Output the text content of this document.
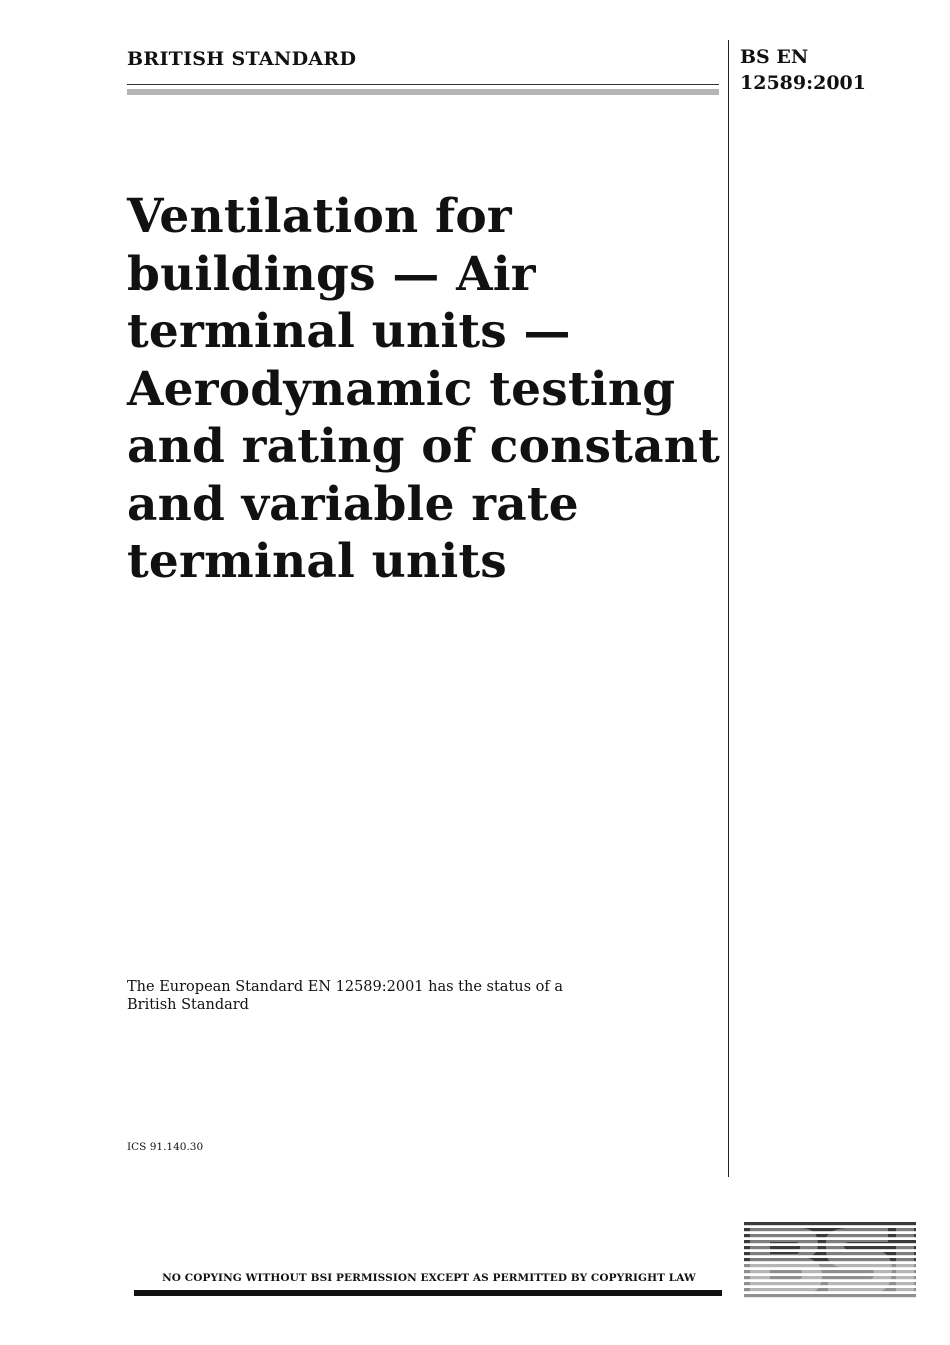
BRITISH STANDARD	BS EN
12589:2001
Ventilation for
buildings — Air
terminal units —
Aerodynamic testing
and rating of constant
and variable rate
terminal units
The European Standard EN 12589:2001 has the status of a
British Standard
ICS 91.140.30
NO COPYING WITHOUT BSI PERMISSION EXCEPT AS PERMITTED BY COPYRIGHT LAW
